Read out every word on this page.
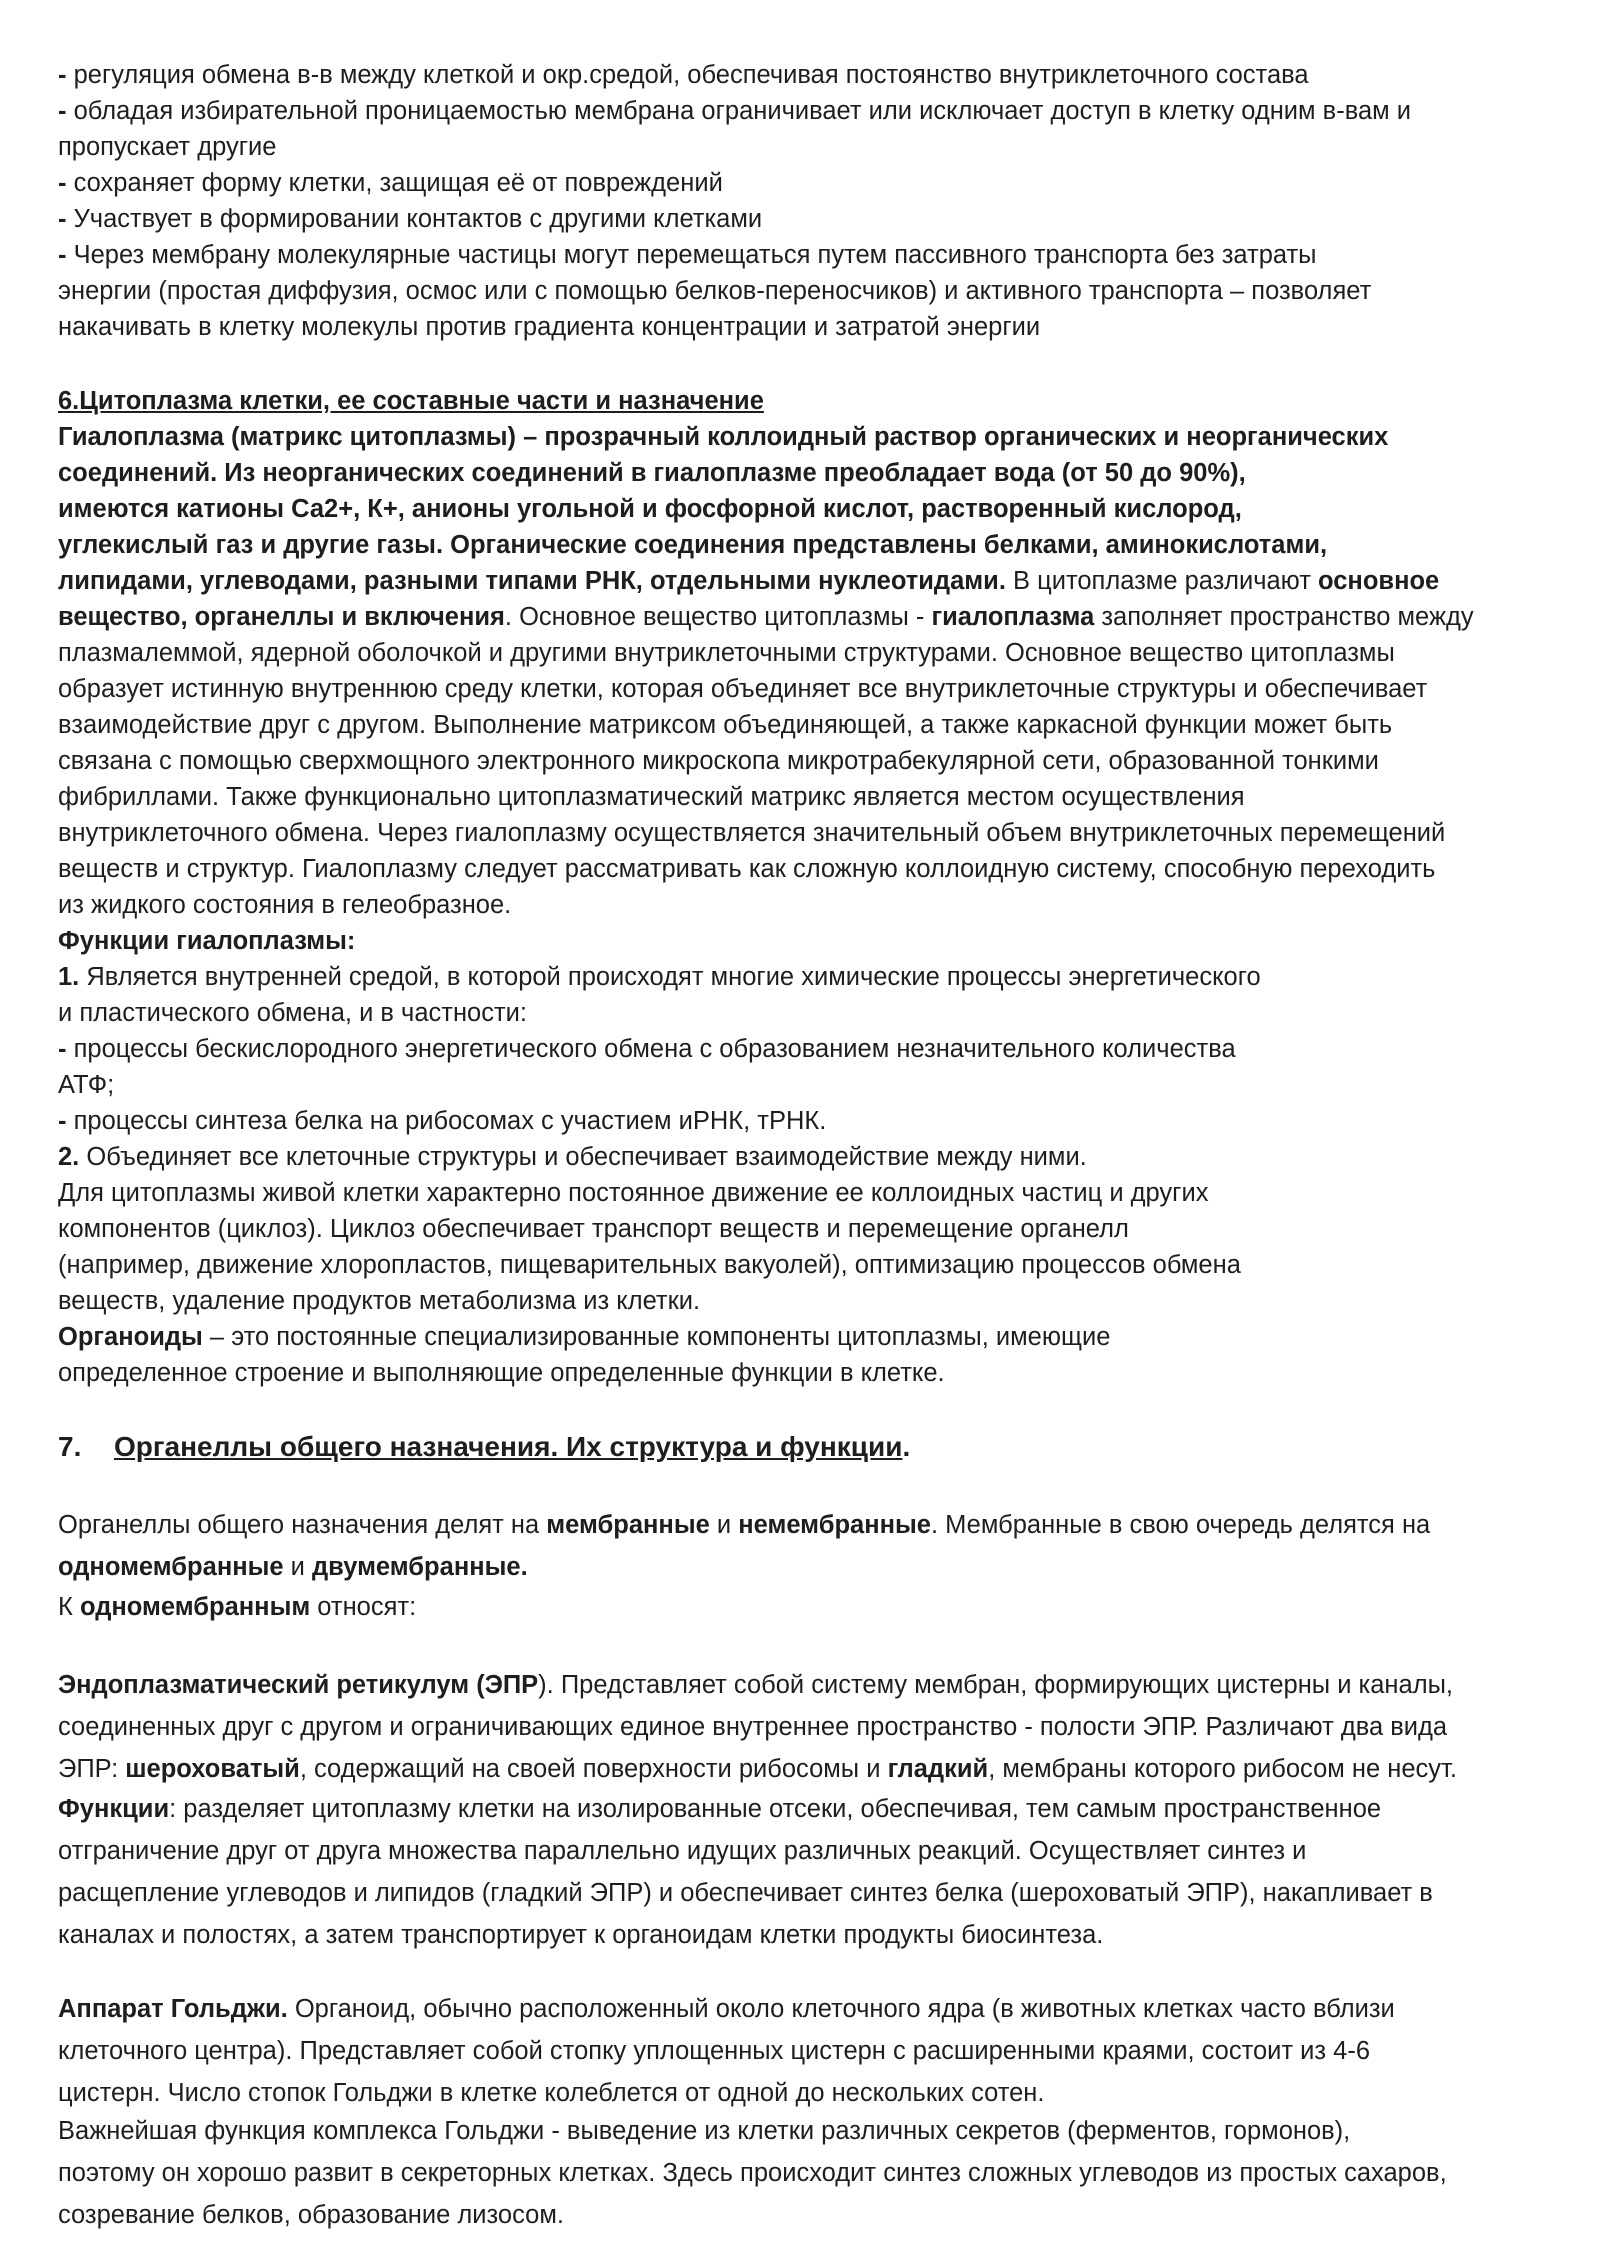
- регуляция обмена в-в между клеткой и окр.средой, обеспечивая постоянство внутриклеточного состава
- обладая избирательной проницаемостью мембрана ограничивает или исключает доступ в клетку одним в-вам и
пропускает другие
- сохраняет форму клетки, защищая её от повреждений
- Участвует в формировании контактов с другими клетками
- Через мембрану молекулярные частицы могут перемещаться путем пассивного транспорта без затраты
энергии (простая диффузия, осмос или с помощью белков-переносчиков) и активного транспорта – позволяет
накачивать в клетку молекулы против градиента концентрации и затратой энергии
6.Цитоплазма клетки, ее составные части и назначение
Гиалоплазма (матрикс цитоплазмы) – прозрачный коллоидный раствор органических и неорганических
соединений. Из неорганических соединений в гиалоплазме преобладает вода (от 50 до 90%),
имеются катионы Са2+, К+, анионы угольной и фосфорной кислот, растворенный кислород,
углекислый газ и другие газы. Органические соединения представлены белками, аминокислотами,
липидами, углеводами, разными типами РНК, отдельными нуклеотидами. В цитоплазме различают основное
вещество, органеллы и включения. Основное вещество цитоплазмы - гиалоплазма заполняет пространство между
плазмалеммой, ядерной оболочкой и другими внутриклеточными структурами. Основное вещество цитоплазмы
образует истинную внутреннюю среду клетки, которая объединяет все внутриклеточные структуры и обеспечивает
взаимодействие друг с другом. Выполнение матриксом объединяющей, а также каркасной функции может быть
связана с помощью сверхмощного электронного микроскопа микротрабекулярной сети, образованной тонкими
фибриллами. Также функционально цитоплазматический матрикс является местом осуществления
внутриклеточного обмена. Через гиалоплазму осуществляется значительный объем внутриклеточных перемещений
веществ и структур. Гиалоплазму следует рассматривать как сложную коллоидную систему, способную переходить
из жидкого состояния в гелеобразное.
Функции гиалоплазмы:
1. Является внутренней средой, в которой происходят многие химические процессы энергетического
и пластического обмена, и в частности:
- процессы бескислородного энергетического обмена с образованием незначительного количества
АТФ;
- процессы синтеза белка на рибосомах с участием иРНК, тРНК.
2. Объединяет все клеточные структуры и обеспечивает взаимодействие между ними.
Для цитоплазмы живой клетки характерно постоянное движение ее коллоидных частиц и других
компонентов (циклоз). Циклоз обеспечивает транспорт веществ и перемещение органелл
(например, движение хлоропластов, пищеварительных вакуолей), оптимизацию процессов обмена
веществ, удаление продуктов метаболизма из клетки.
Органоиды – это постоянные специализированные компоненты цитоплазмы, имеющие
определенное строение и выполняющие определенные функции в клетке.
7. Органеллы общего назначения. Их структура и функции.
Органеллы общего назначения делят на мембранные и немембранные. Мембранные в свою очередь делятся на
одномембранные и двумембранные.
К одномембранным относят:
Эндоплазматический ретикулум (ЭПР). Представляет собой систему мембран, формирующих цистерны и каналы,
соединенных друг с другом и ограничивающих единое внутреннее пространство - полости ЭПР. Различают два вида
ЭПР: шероховатый, содержащий на своей поверхности рибосомы и гладкий, мембраны которого рибосом не несут.
Функции: разделяет цитоплазму клетки на изолированные отсеки, обеспечивая, тем самым пространственное
отграничение друг от друга множества параллельно идущих различных реакций. Осуществляет синтез и
расщепление углеводов и липидов (гладкий ЭПР) и обеспечивает синтез белка (шероховатый ЭПР), накапливает в
каналах и полостях, а затем транспортирует к органоидам клетки продукты биосинтеза.
Аппарат Гольджи. Органоид, обычно расположенный около клеточного ядра (в животных клетках часто вблизи
клеточного центра). Представляет собой стопку уплощенных цистерн с расширенными краями, состоит из 4-6
цистерн. Число стопок Гольджи в клетке колеблется от одной до нескольких сотен.
Важнейшая функция комплекса Гольджи - выведение из клетки различных секретов (ферментов, гормонов),
поэтому он хорошо развит в секреторных клетках. Здесь происходит синтез сложных углеводов из простых сахаров,
созревание белков, образование лизосом.
